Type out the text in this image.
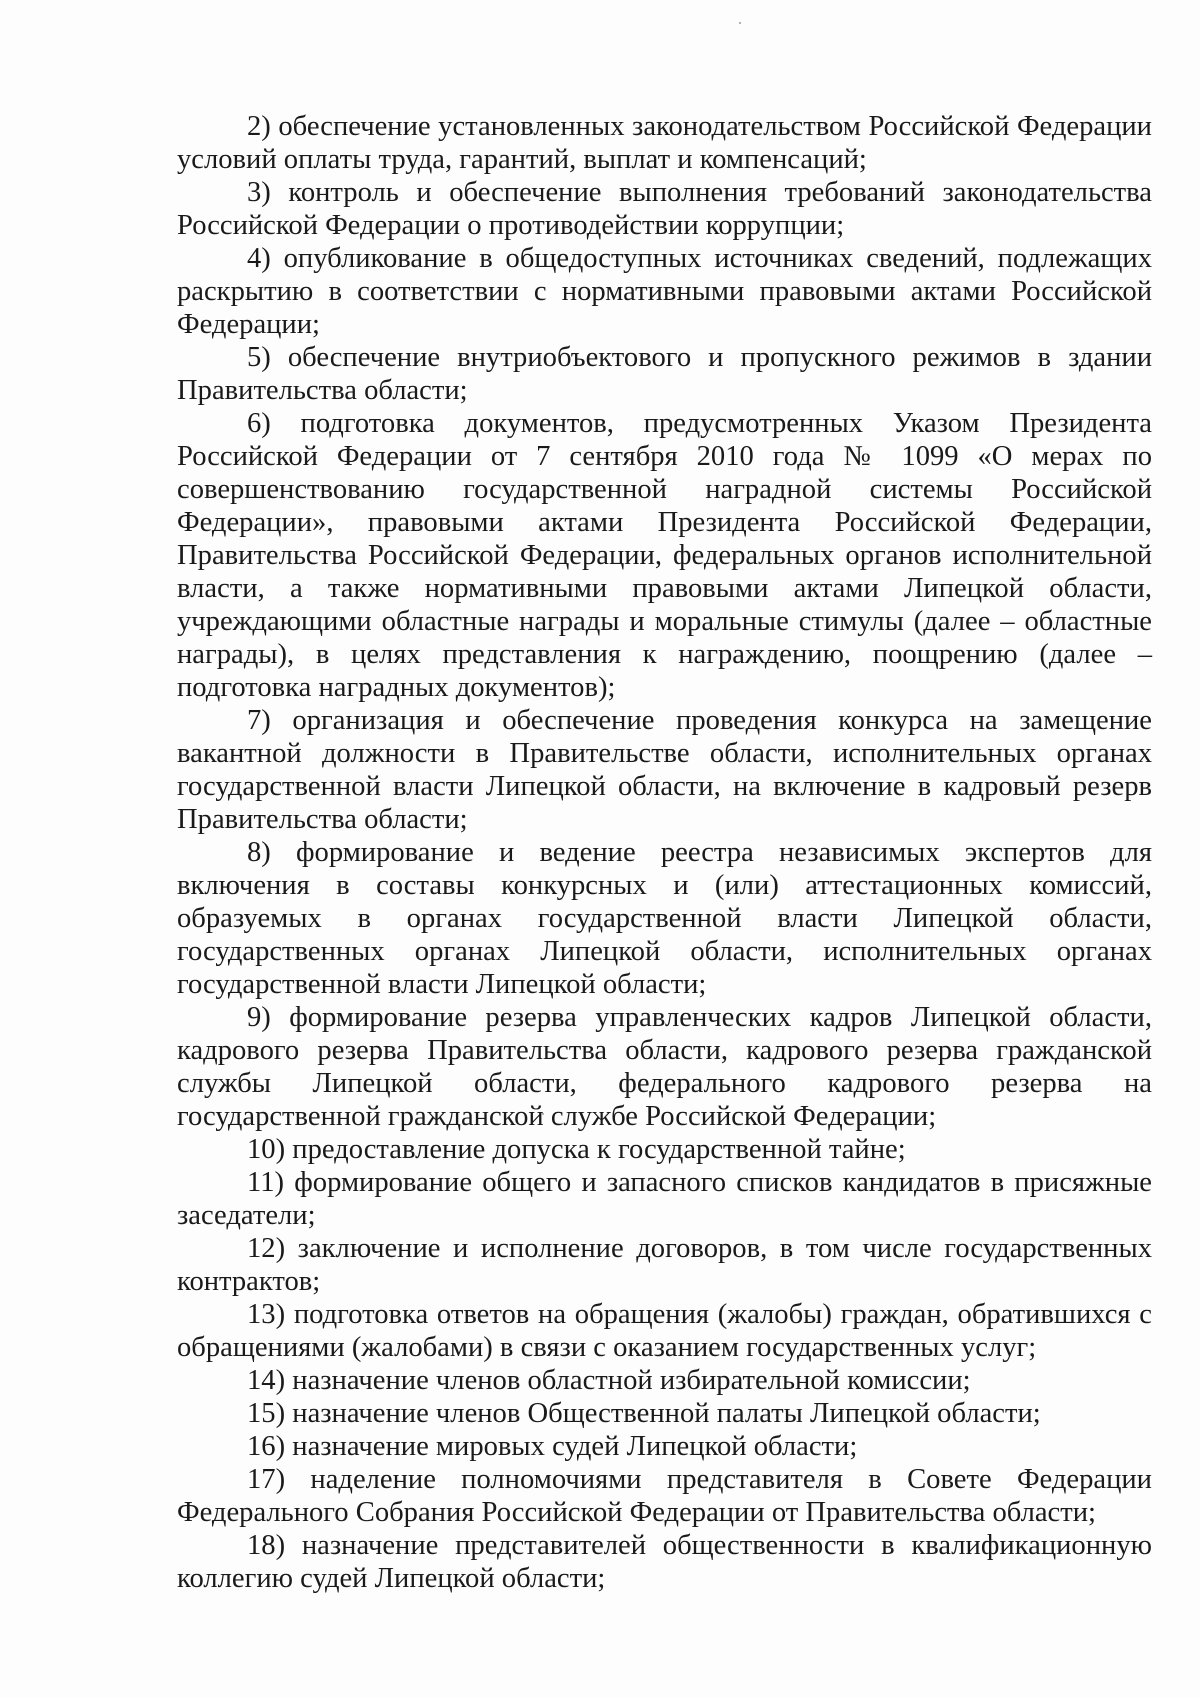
2) обеспечение установленных законодательством Российской Федерации условий оплаты труда, гарантий, выплат и компенсаций;

3) контроль и обеспечение выполнения требований законодательства Российской Федерации о противодействии коррупции;

4) опубликование в общедоступных источниках сведений, подлежащих раскрытию в соответствии с нормативными правовыми актами Российской Федерации;

5) обеспечение внутриобъектового и пропускного режимов в здании Правительства области;

6) подготовка документов, предусмотренных Указом Президента Российской Федерации от 7 сентября 2010 года № 1099 «О мерах по совершенствованию государственной наградной системы Российской Федерации», правовыми актами Президента Российской Федерации, Правительства Российской Федерации, федеральных органов исполнительной власти, а также нормативными правовыми актами Липецкой области, учреждающими областные награды и моральные стимулы (далее – областные награды), в целях представления к награждению, поощрению (далее – подготовка наградных документов);

7) организация и обеспечение проведения конкурса на замещение вакантной должности в Правительстве области, исполнительных органах государственной власти Липецкой области, на включение в кадровый резерв Правительства области;

8) формирование и ведение реестра независимых экспертов для включения в составы конкурсных и (или) аттестационных комиссий, образуемых в органах государственной власти Липецкой области, государственных органах Липецкой области, исполнительных органах государственной власти Липецкой области;

9) формирование резерва управленческих кадров Липецкой области, кадрового резерва Правительства области, кадрового резерва гражданской службы Липецкой области, федерального кадрового резерва на государственной гражданской службе Российской Федерации;

10) предоставление допуска к государственной тайне;

11) формирование общего и запасного списков кандидатов в присяжные заседатели;

12) заключение и исполнение договоров, в том числе государственных контрактов;

13) подготовка ответов на обращения (жалобы) граждан, обратившихся с обращениями (жалобами) в связи с оказанием государственных услуг;

14) назначение членов областной избирательной комиссии;

15) назначение членов Общественной палаты Липецкой области;

16) назначение мировых судей Липецкой области;

17) наделение полномочиями представителя в Совете Федерации Федерального Собрания Российской Федерации от Правительства области;

18) назначение представителей общественности в квалификационную коллегию судей Липецкой области;
